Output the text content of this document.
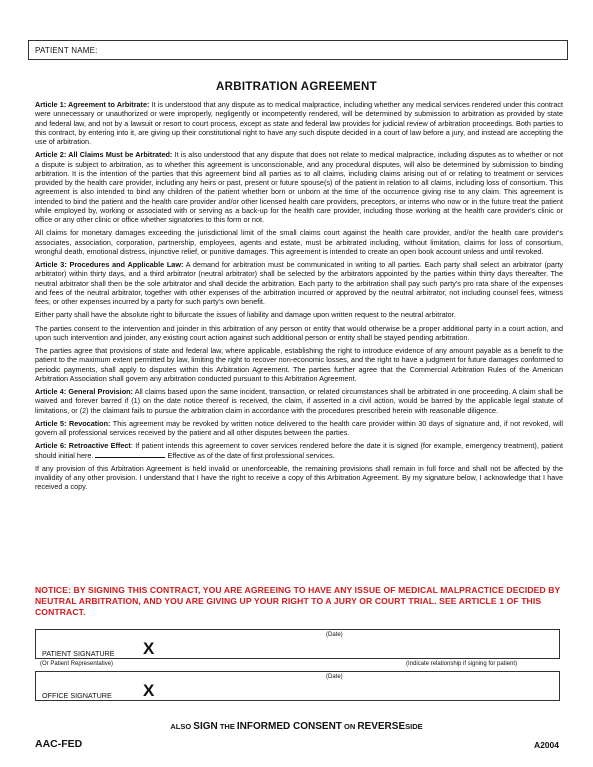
PATIENT NAME:
ARBITRATION AGREEMENT

Article 1: Agreement to Arbitrate: It is understood that any dispute as to medical malpractice, including whether any medical services rendered under this contract were unnecessary or unauthorized or were improperly, negligently or incompetently rendered, will be determined by submission to arbitration as provided by state and federal law, and not by a lawsuit or resort to court process, except as state and federal law provides for judicial review of arbitration proceedings. Both parties to this contract, by entering into it, are giving up their constitutional right to have any such dispute decided in a court of law before a jury, and instead are accepting the use of arbitration.

Article 2: All Claims Must be Arbitrated: It is also understood that any dispute that does not relate to medical malpractice, including disputes as to whether or not a dispute is subject to arbitration, as to whether this agreement is unconscionable, and any procedural disputes, will also be determined by submission to binding arbitration. It is the intention of the parties that this agreement bind all parties as to all claims, including claims arising out of or relating to treatment or services provided by the health care provider, including any heirs or past, present or future spouse(s) of the patient in relation to all claims, including loss of consortium. This agreement is also intended to bind any children of the patient whether born or unborn at the time of the occurrence giving rise to any claim. This agreement is intended to bind the patient and the health care provider and/or other licensed health care providers, preceptors, or interns who now or in the future treat the patient while employed by, working or associated with or serving as a back-up for the health care provider, including those working at the health care provider's clinic or office or any other clinic or office whether signatories to this form or not.

All claims for monetary damages exceeding the jurisdictional limit of the small claims court against the health care provider, and/or the health care provider's associates, association, corporation, partnership, employees, agents and estate, must be arbitrated including, without limitation, claims for loss of consortium, wrongful death, emotional distress, injunctive relief, or punitive damages. This agreement is intended to create an open book account unless and until revoked.

Article 3: Procedures and Applicable Law: A demand for arbitration must be communicated in writing to all parties. Each party shall select an arbitrator (party arbitrator) within thirty days, and a third arbitrator (neutral arbitrator) shall be selected by the arbitrators appointed by the parties within thirty days thereafter. The neutral arbitrator shall then be the sole arbitrator and shall decide the arbitration. Each party to the arbitration shall pay such party's pro rata share of the expenses and fees of the neutral arbitrator, together with other expenses of the arbitration incurred or approved by the neutral arbitrator, not including counsel fees, witness fees, or other expenses incurred by a party for such party's own benefit.

Either party shall have the absolute right to bifurcate the issues of liability and damage upon written request to the neutral arbitrator.

The parties consent to the intervention and joinder in this arbitration of any person or entity that would otherwise be a proper additional party in a court action, and upon such intervention and joinder, any existing court action against such additional person or entity shall be stayed pending arbitration.

The parties agree that provisions of state and federal law, where applicable, establishing the right to introduce evidence of any amount payable as a benefit to the patient to the maximum extent permitted by law, limiting the right to recover non-economic losses, and the right to have a judgment for future damages conformed to periodic payments, shall apply to disputes within this Arbitration Agreement. The parties further agree that the Commercial Arbitration Rules of the American Arbitration Association shall govern any arbitration conducted pursuant to this Arbitration Agreement.

Article 4: General Provision: All claims based upon the same incident, transaction, or related circumstances shall be arbitrated in one proceeding. A claim shall be waived and forever barred if (1) on the date notice thereof is received, the claim, if asserted in a civil action, would be barred by the applicable legal statute of limitations, or (2) the claimant fails to pursue the arbitration claim in accordance with the procedures prescribed herein with reasonable diligence.

Article 5: Revocation: This agreement may be revoked by written notice delivered to the health care provider within 30 days of signature and, if not revoked, will govern all professional services received by the patient and all other disputes between the parties.

Article 6: Retroactive Effect: If patient intends this agreement to cover services rendered before the date it is signed (for example, emergency treatment), patient should initial here.	Effective as of the date of first professional services.

If any provision of this Arbitration Agreement is held invalid or unenforceable, the remaining provisions shall remain in full force and shall not be affected by the invalidity of any other provision. I understand that I have the right to receive a copy of this Arbitration Agreement. By my signature below, I acknowledge that I have received a copy.

NOTICE: BY SIGNING THIS CONTRACT, YOU ARE AGREEING TO HAVE ANY ISSUE OF MEDICAL MALPRACTICE DECIDED BY NEUTRAL ARBITRATION, AND YOU ARE GIVING UP YOUR RIGHT TO A JURY OR COURT TRIAL. SEE ARTICLE 1 OF THIS CONTRACT.
(Date)
PATIENT SIGNATURE X
(Or Patient Representative)	(Indicate relationship if signing for patient)
(Date)
OFFICE SIGNATURE X
ALSO SIGN THE INFORMED CONSENT ON REVERSESIDE
AAC-FED	A2004
